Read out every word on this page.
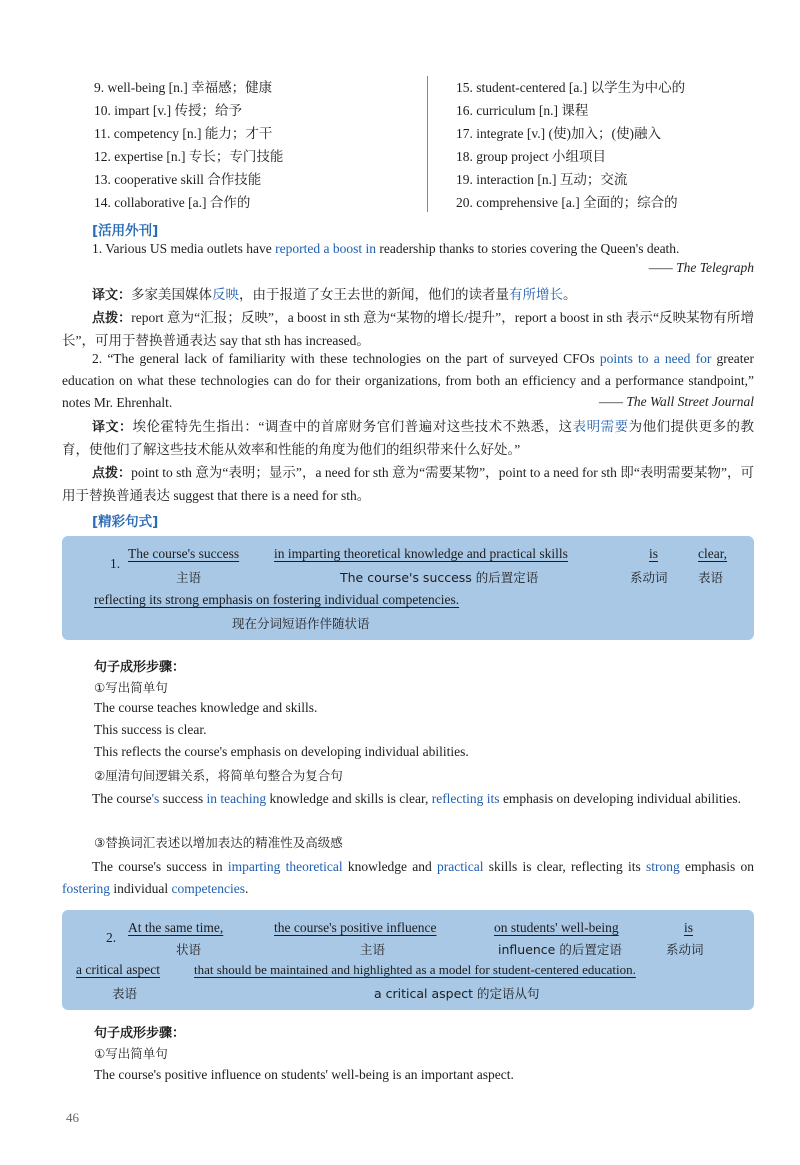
9. well-being [n.] 幸福感；健康
10. impart [v.] 传授；给予
11. competency [n.] 能力；才干
12. expertise [n.] 专长；专门技能
13. cooperative skill 合作技能
14. collaborative [a.] 合作的
15. student-centered [a.] 以学生为中心的
16. curriculum [n.] 课程
17. integrate [v.] (使)加入；(使)融入
18. group project 小组项目
19. interaction [n.] 互动；交流
20. comprehensive [a.] 全面的；综合的
[活用外刊]

1. Various US media outlets have reported a boost in readership thanks to stories covering the Queen's death.

—— The Telegraph

译文：多家美国媒体反映，由于报道了女王去世的新闻，他们的读者量有所增长。

点拨：report 意为“汇报；反映”，a boost in sth 意为“某物的增长/提升”，report a boost in sth 表示“反映某物有所增长”，可用于替换普通表达 say that sth has increased。

2. “The general lack of familiarity with these technologies on the part of surveyed CFOs points to a need for greater education on what these technologies can do for their organizations, from both an efficiency and a performance standpoint,” notes Mr. Ehrenhalt.	—— The Wall Street Journal

译文：埃伦霍特先生指出：“调查中的首席财务官们普遍对这些技术不熟悉，这表明需要为他们提供更多的教育，使他们了解这些技术能从效率和性能的角度为他们的组织带来什么好处。”

点拨：point to sth 意为“表明；显示”，a need for sth 意为“需要某物”，point to a need for sth 即“表明需要某物”，可用于替换普通表达 suggest that there is a need for sth。

[精彩句式]
1.
The course's success	in imparting theoretical knowledge and practical skills	is	clear,
主语	The course's success 的后置定语	系动词 表语
reflecting its strong emphasis on fostering individual competencies.
现在分词短语作伴随状语
句子成形步骤：
①写出简单句
The course teaches knowledge and skills.
This success is clear.
This reflects the course's emphasis on developing individual abilities.
②厘清句间逻辑关系，将简单句整合为复合句

The course's success in teaching knowledge and skills is clear, reflecting its emphasis on developing individual abilities.

③替换词汇表述以增加表达的精准性及高级感

The course's success in imparting theoretical knowledge and practical skills is clear, reflecting its strong emphasis on fostering individual competencies.

2.
At the same time,	the course's positive influence	on students' well-being	is
状语	主语	influence 的后置定语	系动词
a critical aspect	that should be maintained and highlighted as a model for student-centered education.
表语	a critical aspect 的定语从句
句子成形步骤：
①写出简单句
The course's positive influence on students' well-being is an important aspect.
46
